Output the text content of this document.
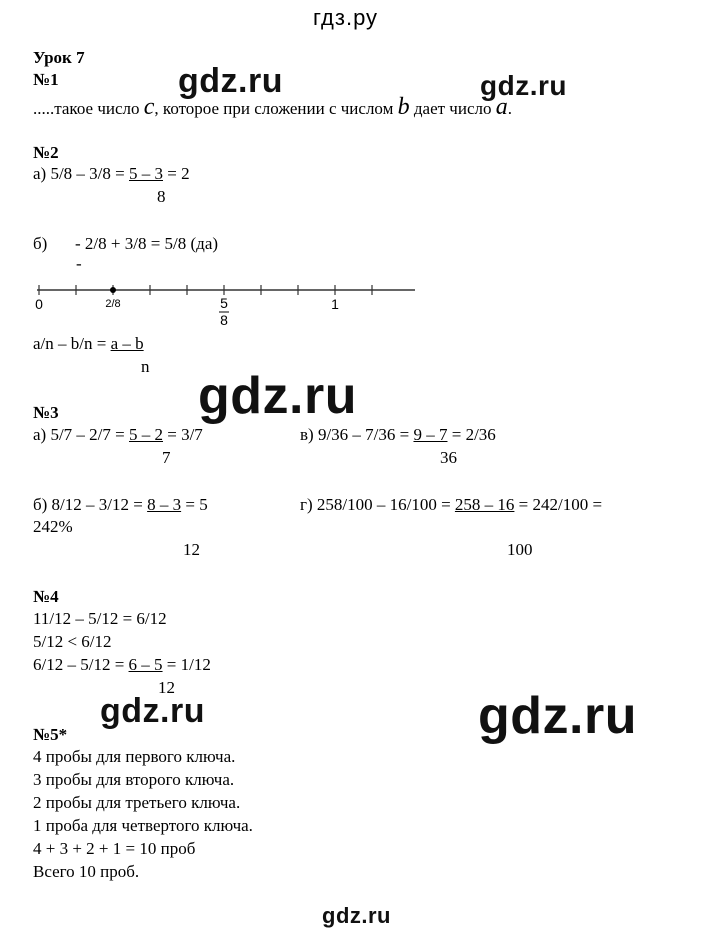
гдз.ру
gdz.ru	gdz.ru
gdz.ru
gdz.ru	gdz.ru
gdz.ru
Урок 7
№1
.....такое число c, которое при сложении с числом b дает число a.
№2
а) 5/8 – 3/8 = 5 – 3 = 2
8
б) - 2/8 + 3/8 = 5/8 (да)
-
0	2/8	5
8
1
a/n – b/n = a – b
n
№3
а) 5/7 – 2/7 = 5 – 2 = 3/7
7
в) 9/36 – 7/36 = 9 – 7 = 2/36
36
б) 8/12 – 3/12 = 8 – 3 = 5	г) 258/100 – 16/100 = 258 – 16 = 242/100 =
242%
12	100
№4
11/12 – 5/12 = 6/12
5/12 < 6/12
6/12 – 5/12 = 6 – 5 = 1/12
12
№5*
4 пробы для первого ключа.
3 пробы для второго ключа.
2 пробы для третьего ключа.
1 проба для четвертого ключа.
4 + 3 + 2 + 1 = 10 проб
Всего 10 проб.
